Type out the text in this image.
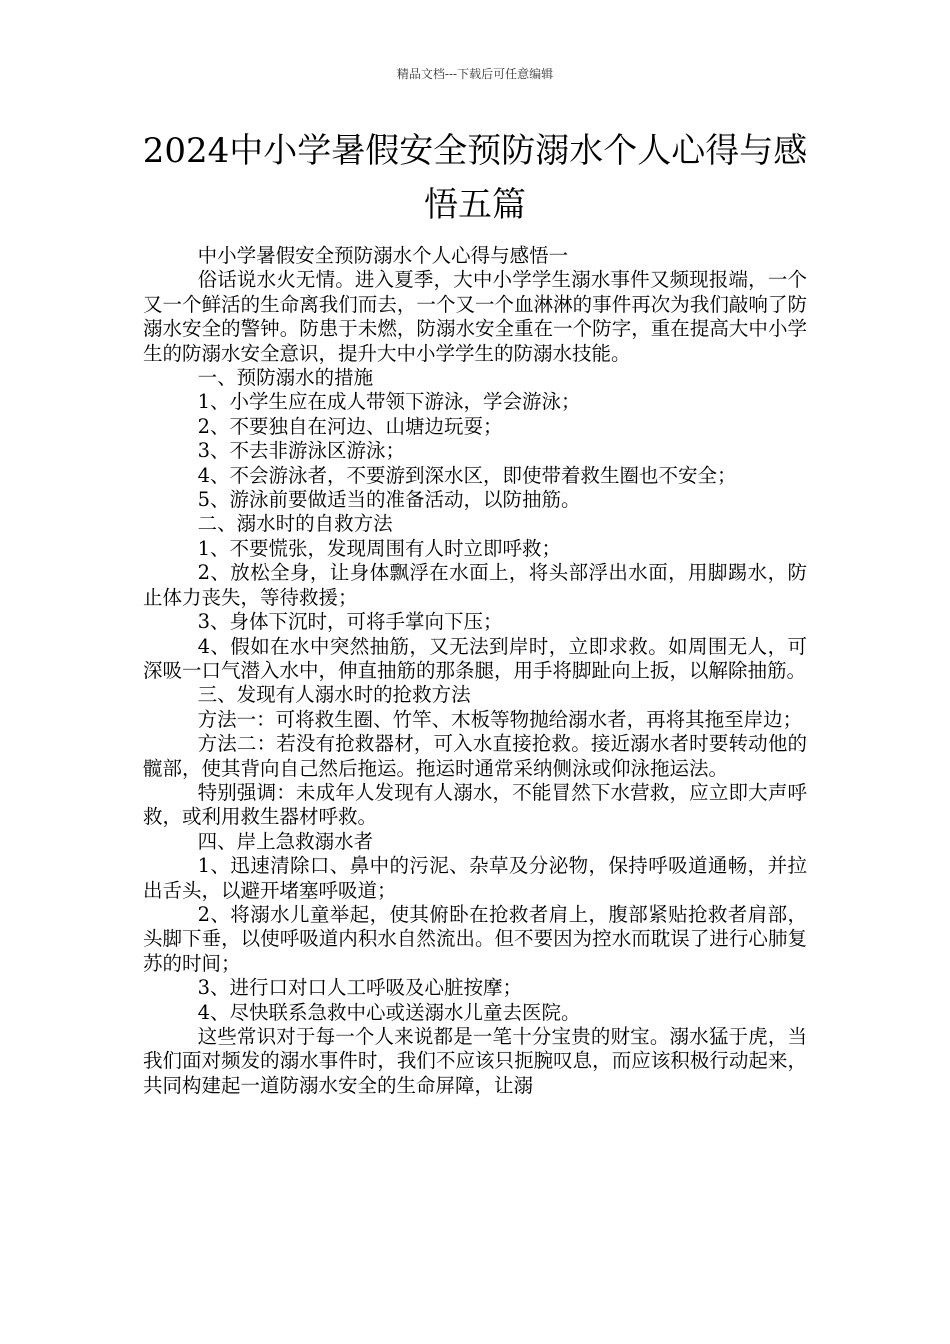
精品文档---下载后可任意编辑
2024中小学暑假安全预防溺水个人心得与感悟五篇

中小学暑假安全预防溺水个人心得与感悟一

俗话说水火无情。进入夏季，大中小学学生溺水事件又频现报端，一个又一个鲜活的生命离我们而去，一个又一个血淋淋的事件再次为我们敲响了防溺水安全的警钟。防患于未燃，防溺水安全重在一个防字，重在提高大中小学生的防溺水安全意识，提升大中小学学生的防溺水技能。

一、预防溺水的措施

1、小学生应在成人带领下游泳，学会游泳；

2、不要独自在河边、山塘边玩耍；

3、不去非游泳区游泳；

4、不会游泳者，不要游到深水区，即使带着救生圈也不安全；

5、游泳前要做适当的准备活动，以防抽筋。

二、溺水时的自救方法

1、不要慌张，发现周围有人时立即呼救；

2、放松全身，让身体飘浮在水面上，将头部浮出水面，用脚踢水，防止体力丧失，等待救援；

3、身体下沉时，可将手掌向下压；

4、假如在水中突然抽筋，又无法到岸时，立即求救。如周围无人，可深吸一口气潜入水中，伸直抽筋的那条腿，用手将脚趾向上扳，以解除抽筋。

三、发现有人溺水时的抢救方法

方法一：可将救生圈、竹竿、木板等物抛给溺水者，再将其拖至岸边；

方法二：若没有抢救器材，可入水直接抢救。接近溺水者时要转动他的髋部，使其背向自己然后拖运。拖运时通常采纳侧泳或仰泳拖运法。

特别强调：未成年人发现有人溺水，不能冒然下水营救，应立即大声呼救，或利用救生器材呼救。

四、岸上急救溺水者

1、迅速清除口、鼻中的污泥、杂草及分泌物，保持呼吸道通畅，并拉出舌头，以避开堵塞呼吸道；

2、将溺水儿童举起，使其俯卧在抢救者肩上，腹部紧贴抢救者肩部，头脚下垂，以使呼吸道内积水自然流出。但不要因为控水而耽误了进行心肺复苏的时间；

3、进行口对口人工呼吸及心脏按摩；

4、尽快联系急救中心或送溺水儿童去医院。

这些常识对于每一个人来说都是一笔十分宝贵的财宝。溺水猛于虎，当我们面对频发的溺水事件时，我们不应该只扼腕叹息，而应该积极行动起来，共同构建起一道防溺水安全的生命屏障，让溺
